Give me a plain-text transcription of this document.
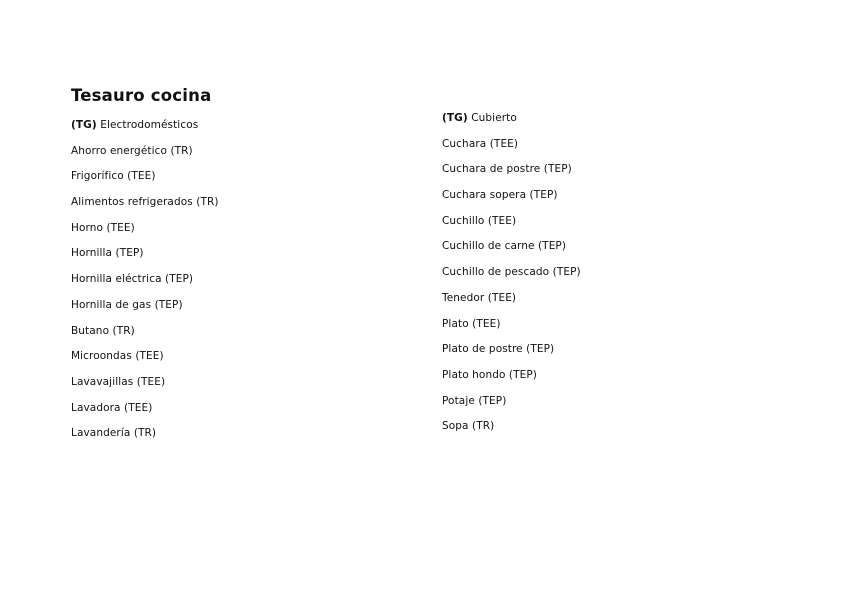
Tesauro cocina
(TG) Electrodomésticos
Ahorro energético (TR)
Frigorífico (TEE)
Alimentos refrigerados (TR)
Horno (TEE)
Hornilla (TEP)
Hornilla eléctrica (TEP)
Hornilla de gas (TEP)
Butano (TR)
Microondas (TEE)
Lavavajillas (TEE)
Lavadora (TEE)
Lavandería (TR)
(TG) Cubierto
Cuchara (TEE)
Cuchara de postre (TEP)
Cuchara sopera (TEP)
Cuchillo (TEE)
Cuchillo de carne (TEP)
Cuchillo de pescado (TEP)
Tenedor (TEE)
Plato (TEE)
Plato de postre (TEP)
Plato hondo (TEP)
Potaje (TEP)
Sopa (TR)
